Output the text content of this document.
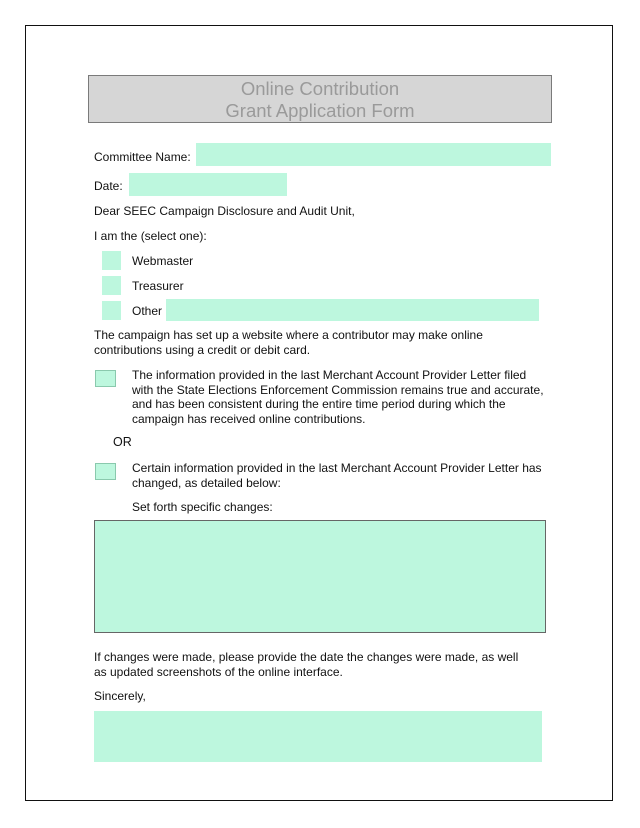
Online Contribution
Grant Application Form
Committee Name:
Date:
Dear SEEC Campaign Disclosure and Audit Unit,
I am the (select one):
Webmaster
Treasurer
Other
The campaign has set up a website where a contributor may make online contributions using a credit or debit card.
The information provided in the last Merchant Account Provider Letter filed with the State Elections Enforcement Commission remains true and accurate, and has been consistent during the entire time period during which the campaign has received online contributions.
OR
Certain information provided in the last Merchant Account Provider Letter has changed, as detailed below:
Set forth specific changes:
If changes were made, please provide the date the changes were made, as well as updated screenshots of the online interface.
Sincerely,
